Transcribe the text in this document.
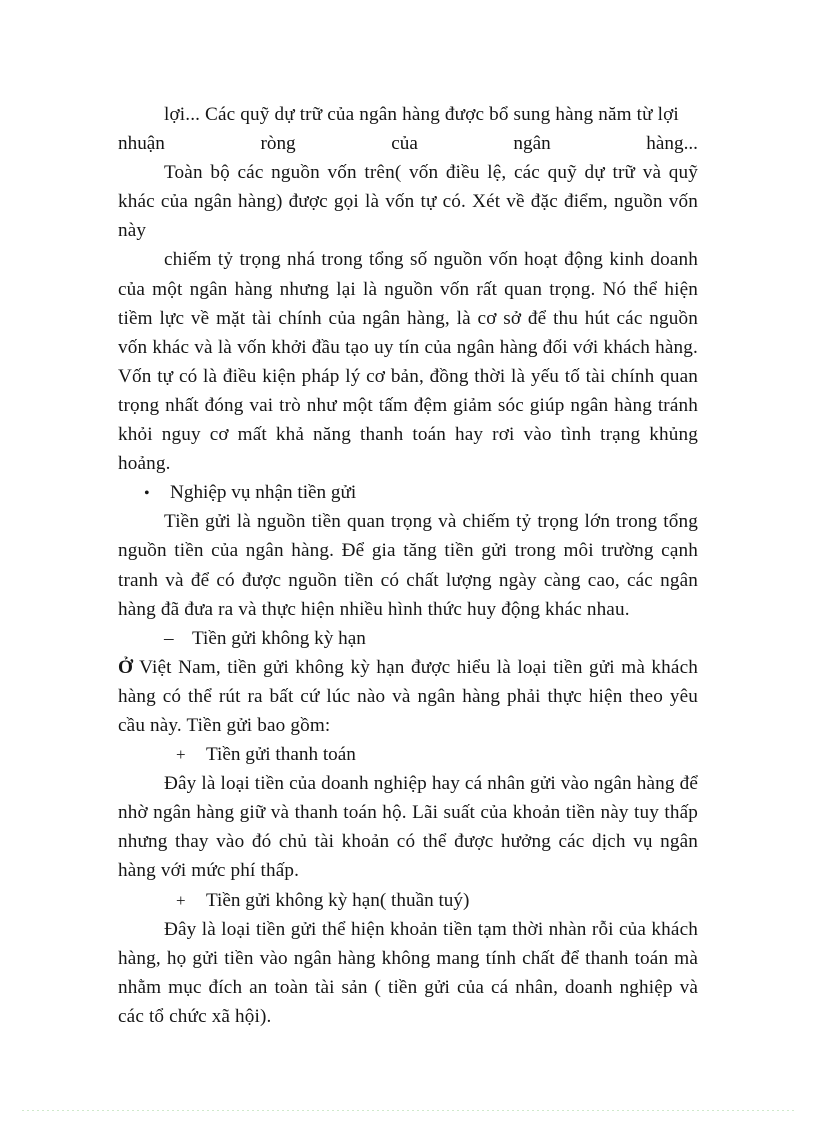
lợi... Các quỹ dự trữ của ngân hàng được bổ sung hàng năm từ lợi

nhuận	ròng	của	ngân	hàng...

Toàn bộ các nguồn vốn trên( vốn điều lệ, các quỹ dự trữ và quỹ khác của ngân hàng) được gọi là vốn tự có. Xét về đặc điểm, nguồn vốn này

chiếm tỷ trọng nhá trong tổng số nguồn vốn hoạt động kinh doanh của một ngân hàng nhưng lại là nguồn vốn rất quan trọng. Nó thể hiện tiềm lực về mặt tài chính của ngân hàng, là cơ sở để thu hút các nguồn vốn khác và là vốn khởi đầu tạo uy tín của ngân hàng đối với khách hàng. Vốn tự có là điều kiện pháp lý cơ bản, đồng thời là yếu tố tài chính quan trọng nhất đóng vai trò như một tấm đệm giảm sóc giúp ngân hàng tránh khỏi nguy cơ mất khả năng thanh toán hay rơi vào tình trạng khủng hoảng.

•	Nghiệp vụ nhận tiền gửi

Tiền gửi là nguồn tiền quan trọng và chiếm tỷ trọng lớn trong tổng nguồn tiền của ngân hàng. Để gia tăng tiền gửi trong môi trường cạnh tranh và để có được nguồn tiền có chất lượng ngày càng cao, các ngân hàng đã đưa ra và thực hiện nhiều hình thức huy động khác nhau.

– Tiền gửi không kỳ hạn

Ở Việt Nam, tiền gửi không kỳ hạn được hiểu là loại tiền gửi mà khách hàng có thể rút ra bất cứ lúc nào và ngân hàng phải thực hiện theo yêu cầu này. Tiền gửi bao gồm:

+	Tiền gửi thanh toán

Đây là loại tiền của doanh nghiệp hay cá nhân gửi vào ngân hàng để nhờ ngân hàng giữ và thanh toán hộ. Lãi suất của khoản tiền này tuy thấp nhưng thay vào đó chủ tài khoản có thể được hưởng các dịch vụ ngân hàng với mức phí thấp.

+	Tiền gửi không kỳ hạn( thuần tuý)

Đây là loại tiền gửi thể hiện khoản tiền tạm thời nhàn rỗi của khách hàng, họ gửi tiền vào ngân hàng không mang tính chất để thanh toán mà nhằm mục đích an toàn tài sản ( tiền gửi của cá nhân, doanh nghiệp và các tổ chức xã hội).
